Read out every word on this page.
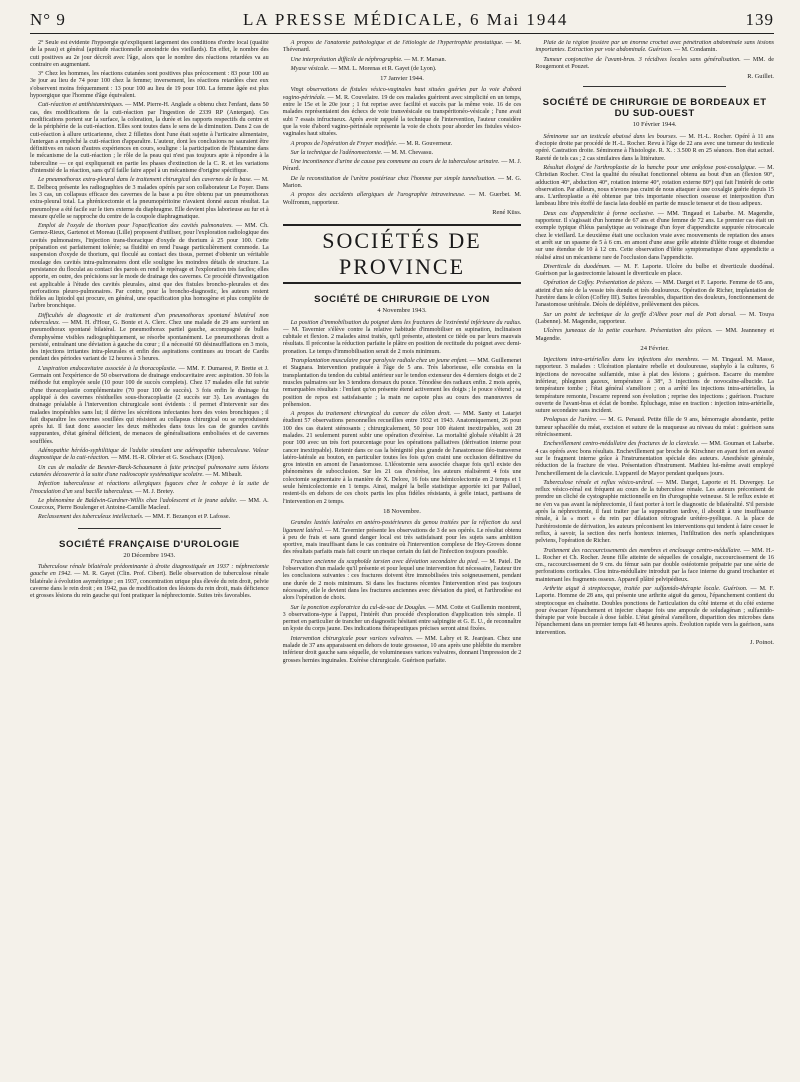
N° 9	LA PRESSE MÉDICALE, 6 Mai 1944	139

2° Seule est évidente l'hypoergie qu'expliquent largement des conditions d'ordre local (qualité de la peau) et général (aptitude réactionnelle amoindrie des vieillards). En effet, le nombre des cuti positives au 2e jour décroît avec l'âge, alors que le nombre des réactions retardées va au contraire en augmentant.

3° Chez les hommes, les réactions cutanées sont positives plus précocement : 83 pour 100 au 3e jour au lieu de 74 pour 100 chez la femme; inversement, les réactions retardées chez eux s'observent moins fréquemment : 13 pour 100 au lieu de 19 pour 100. La femme âgée est plus hypoergique que l'homme d'âge équivalent.

Cuti-réaction et antihistaminiques. — MM. Pierre-H. Anglade a obtenu chez l'enfant, dans 50 cas, des modifications de la cuti-réaction par l'ingestion de 2339 RP (Antergan). Ces modifications portent sur la surface, la coloration, la durée et les rapports respectifs du centre et de la périphérie de la cuti-réaction. Elles sont toutes dans le sens de la diminution. Dans 2 cas de cuti-réaction à allure urticarienne, chez 2 fillettes dont l'une était sujette à l'urticaire alimentaire, l'antergan a empêché la cuti-réaction d'apparaître. L'auteur, dont les conclusions ne sauraient être définitives en raison d'autres expériences en cours, souligne : la participation de l'histamine dans le mécanisme de la cuti-réaction ; le rôle de la peau qui n'est pas toujours apte à répondre à la tuberculine — ce qui expliquerait en partie les phases d'extinction de la C. R. et les variations d'intensité de la réaction, sans qu'il faille faire appel à un mécanisme d'origine spécifique.

Le pneumothorax extra-pleural dans le traitement chirurgical des cavernes de la base. — M. E. Delbecq présente les radiographies de 3 malades opérés par son collaborateur Le Foyer. Dans les 3 cas, un collapsus efficace des cavernes de la base a pu être obtenu par un pneumothorax extra-pleural total. La phrénicectomie et la pneumopéritoine n'avaient donné aucun résultat. La pneumolyse a été facile sur le tiers externe du diaphragme. Elle devient plus laborieuse au fur et à mesure qu'elle se rapproche du centre de la coupole diaphragmatique.

Emploi de l'oxyde de thorium pour l'opacification des cavités pulmonaires. — MM. Ch. Gernez-Rieux, Gartenot et Moreau (Lille) proposent d'utiliser, pour l'exploration radiologique des cavités pulmonaires, l'injection trans-thoracique d'oxyde de thorium à 25 pour 100. Cette préparation est parfaitement tolérée; sa fluidité en rend l'usage particulièrement commode. La suspension d'oxyde de thorium, qui floculé au contact des tissus, permet d'obtenir un véritable moulage des cavités intra-pulmonaires dont elle souligne les moindres détails de structure. La persistance du floculat au contact des parois en rend le repérage et l'exploration très faciles; elles apporte, en outre, des précisions sur le mode de drainage des cavernes. Ce procédé d'investigation est applicable à l'étude des cavités pleurales, ainsi que des fistules broncho-pleurales et des perforations pleuro-pulmonaires. Par contre, pour la broncho-diagnostic, les auteurs restent fidèles au lipiodol qui procure, en général, une opacification plus homogène et plus complète de l'arbre bronchique.

Difficultés de diagnostic et de traitement d'un pneumothorax spontané bilatéral non tuberculeux. — MM. H. d'Hour, G. Bonte et A. Clerc. Chez une malade de 29 ans survient un pneumothorax spontané bilatéral. Le pneumothorax partiel gauche, accompagné de bulles d'emphysème visibles radiographiquement, se résorbe spontanément. Le pneumothorax droit a persisté, entraînant une déviation à gauche du cœur ; il a nécessité 60 désinsufflations en 3 mois, des injections irritantes intra-pleurales et enfin des aspirations continues au trocart de Cardis pendant des périodes variant de 12 heures à 3 heures.

L'aspiration endocavitaire associée à la thoracoplastie. — MM. F. Dumarest, P. Brette et J. Germain ont l'expérience de 50 observations de drainage endocavitaire avec aspiration. 30 fois la méthode fut employée seule (10 pour 100 de succès complets). Chez 17 malades elle fut suivie d'une thoracoplastie complémentaire (70 pour 100 de succès). 3 fois enfin le drainage fut appliqué à des cavernes résiduelles sous-thoracoplastie (2 succès sur 3). Les avantages du drainage préalable à l'intervention chirurgicale sont évidents : il permet d'intervenir sur des malades inopérables sans lui; il dérive les sécrétions infectantes hors des voies bronchiques ; il fait disparaître les cavernes souillées qui résistent au collapsus chirurgical ou se reproduisent après lui. Il faut donc associer les deux méthodes dans tous les cas de grandes cavités suppurantes, d'état général déficient, de menaces de généralisations embolisées et de cavernes soufflées.

Adénopathie hérédo-syphilitique de l'adulte simulant une adénopathie tuberculeuse. Valeur diagnostique de la cuti-réaction. — MM. H.-R. Olivier et G. Soschaux (Dijon).

Un cas de maladie de Besnier-Bœck-Schaumann à fuite principal pulmonaire sans lésions cutanées découverte à la suite d'une radioscopie systématique scolaire. — M. Mibault.

Infection tuberculeuse et réactions allergiques fugaces chez le cobaye à la suite de l'inoculation d'un seul bacille tuberculeux. — M. J. Bretey.

Le phénomène de Baldwin-Gardner-Willis chez l'adolescent et le jeune adulte. — MM. A. Courcoux, Pierre Boulenger et Antoine-Camille Macleuf.

Reclassement des tuberculeux intellectuels. — MM. F. Bezançon et P. Lafosse.

SOCIÉTÉ FRANÇAISE D'UROLOGIE
20 Décembre 1943.

Tuberculose rénale bilatérale prédominante à droite diagnostiquée en 1937 : néphrectomie gauche en 1942. — M. R. Gayet (Clin. Prof. Cibert). Belle observation de tuberculose rénale bilatérale à évolution asymétrique ; en 1937, concentration urique plus élevée du rein droit, pelvie caverne dans le rein droit ; en 1942, pas de modification des lésions du rein droit, mais déficience et grosses lésions du rein gauche qui font pratiquer la néphrectomie. Suites très favorables.

A propos de l'anatomie pathologique et de l'étiologie de l'hypertrophie prostatique. — M. Thévenard.

Une interprétation difficile de néphrographie. — M. F. Marsan.

Myase vésicale. — MM. L. Morenas et R. Gayet (de Lyon).

17 Janvier 1944.

Vingt observations de fistules vésico-vaginales haut situées guéries par la voie d'abord vagino-périnéale. — M. R. Couvelaire. 19 de ces malades guérirent avec simplicité en un temps, entre le 15e et le 20e jour ; 1 fut reprise avec facilité et succès par la même voie. 16 de ces malades représentaient des échecs de voie transvésicale ou transpéritonéo-vésicale ; l'une avait subi 7 essais infructueux. Après avoir rappelé la technique de l'intervention, l'auteur considère que la voie d'abord vagino-périnéale représente la voie de choix pour aborder les fistules vésico-vaginales haut situées.

A propos de l'opération de Freyer modifiée. — M. R. Gouverneur.

Sur la technique de l'adénomectomie. — M. M. Chevassu.

Une incontinence d'urine de cause peu commune au cours de la tuberculose urinaire. — M. J. Pérard.

De la reconstitution de l'urètre postérieur chez l'homme par simple tunnelisation. — M. G. Marion.

A propos des accidents allergiques de l'urographie intraveineuse. — M. Guerbet. M. Wolfromm, rapporteur.

René Küss.
SOCIÉTÉS DE PROVINCE
SOCIÉTÉ DE CHIRURGIE DE LYON
4 Novembre 1943.

La position d'immobilisation du poignet dans les fractures de l'extrémité inférieure du radius. — M. Tavernier s'élève contre la relative habitude d'immobiliser en supination, inclinaison cubitale et flexion. 2 malades ainsi traités, qu'il présente, attestent ce tiède ou par leurs mauvais résultats. Il préconise la réduction parfaite le plâtre en position de rectitude du poignet avec demi-pronation. Le temps d'immobilisation serait de 2 mois minimum.

Transplantation musculaire pour paralysie radiale chez un jeune enfant. — MM. Guillemenet et Stagnara. Intervention pratiquée à l'âge de 5 ans. Très laborieuse, elle consista en la transplantation du tendon du cubital antérieur sur le tendon extenseur des 4 derniers doigts et de 2 muscles palmaires sur les 3 tendons dorsaux du pouce. Ténodèse des radiaux enfin. 2 mois après, remarquables résultats : l'enfant qu'on présente étend activement les doigts ; le pouce s'étend ; sa position de repos est satisfaisante ; la main ne capote plus au cours des manœuvres de préhension.

A propos du traitement chirurgical du cancer du côlon droit. — MM. Santy et Latarjet étudient 57 observations personnelles recueillies entre 1932 et 1943. Anatomiquement, 26 pour 100 des cas étaient sténosants ; chirurgicalement, 50 pour 100 étaient inextirpables, soit 28 malades. 21 seulement purent subir une opération d'exérèse. La mortalité globale s'établit à 28 pour 100 avec un très fort pourcentage pour les opérations palliatives (dérivation interne pour cancer inextirpable). Retenir dans ce cas la bénignité plus grande de l'anastomose iléo-transverse latéro-latérale au bouton, en particulier toutes les fois qu'on craint une occlusion définitive du gros intestin en amont de l'anastomose. L'iléostomie sera associée chaque fois qu'il existe des phénomènes de subocclusion. Sur les 21 cas d'exérèse, les auteurs réalisèrent 4 fois une colectomie segmentaire à la manière de X. Delore, 16 fois une hémicolectomie en 2 temps et 1 seule hémicolectomie en 1 temps. Ainsi, malgré la belle statistique apportée ici par Palluel, restent-ils en dehors de ces choix partis les plus fidèles résistants, à grêle intact, partisans de l'intervention en 2 temps.

18 Novembre.

Grandes laxités latérales en antéro-postérieures du genou traitées par la réfection du seul ligament latéral. — M. Tavernier présente les observations de 3 de ses opérés. Le résultat obtenu à peu de frais et sans grand danger local est très satisfaisant pour les sujets sans ambition sportive, mais insuffisant dans le cas contraire où l'intervention complexe de Hey-Groves donne des résultats parfaits mais fait courir un risque certain du fait de l'infection toujours possible.

Fracture ancienne du scaphoïde tarsien avec déviation secondaire du pied. — M. Patel. De l'observation d'un malade qu'il présente et pour lequel une intervention fut nécessaire, l'auteur tire les conclusions suivantes : ces fractures doivent être immobilisées très soigneusement, pendant une durée de 2 mois minimum. Si dans les fractures récentes l'intervention n'est pas toujours nécessaire, elle le devient dans les fractures anciennes avec déviation du pied, et l'arthrodèse est alors l'opération de choix.

Sur la ponction exploratrice du cul-de-sac de Douglas. — MM. Cotte et Guillemin montrent, 3 observations-type à l'appui, l'intérêt d'un procédé d'exploration d'application très simple. Il permet en particulier de trancher un diagnostic hésitant entre salpingite et G. E. U., de reconnaître un kyste du corps jaune. Des indications thérapeutiques précises seront ainsi fixées.

Intervention chirurgicale pour varices vulvaires. — MM. Labry et R. Jeanjean. Chez une malade de 37 ans apparaissent en dehors de toute grossesse, 10 ans après une phlébite du membre inférieur droit gauche sans séquelle, de volumineuses varices vulvaires, donnant l'impression de 2 grosses hernies inguinales. Exérèse chirurgicale. Guérison parfaite.

Plaie de la région fessière par un énorme crochet avec pénétration abdominale sans lésions importantes. Extraction par voie abdominale. Guérison. — M. Condamin.

Tumeur conjonctive de l'avant-bras. 3 récidives locales sans généralisation. — MM. de Rougemont et Pouzet.

R. Guillet.
SOCIÉTÉ DE CHIRURGIE DE BORDEAUX ET DU SUD-OUEST
10 Février 1944.

Séminome sur un testicule abaissé dans les bourses. — M. H.-L. Rocher. Opéré à 11 ans d'ectopie droite par procédé de H.-L. Rocher. Revu à l'âge de 22 ans avec une tumeur du testicule opéré. Castration droite. Séminome à l'histologie. R. X. : 3.500 R en 25 séances. Bon état actuel. Rareté de tels cas ; 2 cas similaires dans la littérature.

Résultat éloigné de l'arthroplastie de la hanche pour une ankylose post-coxalgique. — M. Christian Rocher. C'est la qualité du résultat fonctionnel obtenu au bout d'un an (flexion 90°, adduction 40°, abduction 40°, rotation interne 40°, rotation externe 80°) qui fait l'intérêt de cette observation. Par ailleurs, nous n'avons pas craint de nous attaquer à une coxalgie guérie depuis 15 ans. L'arthroplastie a été obtenue par très importante résection osseuse et interposition d'un lambeau libre très étoffé de fascia lata doublé en partie de muscle tenseur et de tissu adipeux.

Deux cas d'appendicite à forme occlusive. — MM. Tingaud et Labarbe. M. Magendie, rapporteur. Il s'agissait d'un homme de 67 ans et d'une femme de 72 ans. Le premier cas était un exemple typique d'iléus paralytique au voisinage d'un foyer d'appendicite suppurée rétrocæcale chez le vieillard. Le deuxième était une occlusion vraie avec mouvements de reptation des anses et arrêt sur un spasme de 5 à 6 cm. en amont d'une anse grêle atteinte d'iléite rouge et distendue sur une étendue de 10 à 12 cm. Cette observation d'iléite symptomatique d'une appendicite a réalisé ainsi un mécanisme rare de l'occlusion dans l'appendicite.

Diverticule du duodénum. — M. F. Laporte. Ulcère du bulbe et diverticule duodénal. Guérison par la gastrectomie laissant le diverticule en place.

Opération de Coffey. Présentation de pièces. — MM. Darget et F. Laporte. Femme de 65 ans, atteint d'un néo de la vessie très étendu et très douloureux. Opération de Richer, implantation de l'uretère dans le côlon (Coffey III). Suites favorables, disparition des douleurs, fonctionnement de l'anastomose urétérale. Décès de déplétive, prélèvement des pièces.

Sur un point de technique de la greffe d'Albee pour mal de Pott dorsal. — M. Touya (Labenne). M. Magendie, rapporteur.

Ulcères jumeaux de la petite courbure. Présentation des pièces. — MM. Jeanneney et Magendie.

24 Février.

Injections intra-artérielles dans les infections des membres. — M. Tingaud. M. Masse, rapporteur. 3 malades : Ulcération plantaire rebelle et douloureuse, staphylo à la cultures, 6 injections de novocaïne sulfamide, mise à plat des lésions ; guérison. Escarre du membre inférieur, phlegmon gazeux, température à 38°, 3 injections de novocaïne-albucide. La température tombe ; l'état général s'améliore ; on a arrêté les injections intra-artérielles, la température remonte, l'escarre reprend son évolution ; reprise des injections ; guérison. Fracture ouverte de l'avant-bras et éclat de bombe. Épluchage, mise en traction : injection intra-artérielle, suture secondaire sans incident.

Prolapsus de l'urètre. — M. G. Penaud. Petite fille de 9 ans, hémorragie abondante, petite tumeur sphacélée du méat, excision et suture de la muqueuse au niveau du méat : guérison sans rétrécissement.

Enchevillement centro-médullaire des fractures de la clavicule. — MM. Gouman et Labarbe. 4 cas opérés avec bons résultats. Enchevillement par broche de Kirschner en ayant fort en avancé sur le fragment interne grâce à l'instrumentation spéciale des auteurs. Anesthésie générale, réduction de la fracture de visu. Présentation d'instrument. Mathieu lui-même avait employé l'enchevillement de la clavicule. L'appareil de Mayor pendant quelques jours.

Tuberculose rénale et reflux vésico-urétral. — MM. Darget, Laporte et H. Duvergey. Le reflux vésico-rénal est fréquent au cours de la tuberculose rénale. Les auteurs préconisent de prendre un cliché de cystographie mictionnelle en fin d'urographie veineuse. Si le reflux existe et ne s'en va pas avant la néphrectomie, il faut porter à tort le diagnostic de bilatéralité. S'il persiste après la néphrectomie, il faut traiter par la suppuration tardive, il aboutit à une insuffisance rénale, à la « mort » du rein par dilatation rétrograde urétéro-pyélique. A la place de l'urétérostomie de dérivation, les auteurs préconisent les interventions qui tendent à faire cesser le reflux, à savoir, la section des nerfs honteux internes, l'infiltration des nerfs splanchniques pelviens, l'opération de Richer.

Traitement des raccourcissements des membres et enclouage centro-médullaire. — MM. H.-L. Rocher et Ch. Rocher. Jeune fille atteinte de séquelles de coxalgie, raccourcissement de 16 cm., raccourcissement de 9 cm. du fémur sain par double ostéotomie prépatrie par une série de perforations corticales. Clou intra-médullaire introduit par la face interne du grand trochanter et maintenant les fragments osseux. Appareil plâtré pelvipédieux.

Arthrite aiguë à streptocoque, traitée par sulfamido-thérapie locale. Guérison. — M. F. Laporte. Homme de 28 ans, qui présente une arthrite aiguë du genou, l'épanchement contient du streptocoque en chaînette. Doubles ponctions de l'articulation du côté interne et du côté externe pour évacuer l'épanchement et injecter chaque fois une ampoule de soludagénan ; sulfamido-thérapie par voie buccale à dose faible. L'état général s'améliore, disparition des microbes dans l'épanchement dans un premier temps fait 48 heures après. Évolution rapide vers la guérison, sans intervention.

J. Poinot.
